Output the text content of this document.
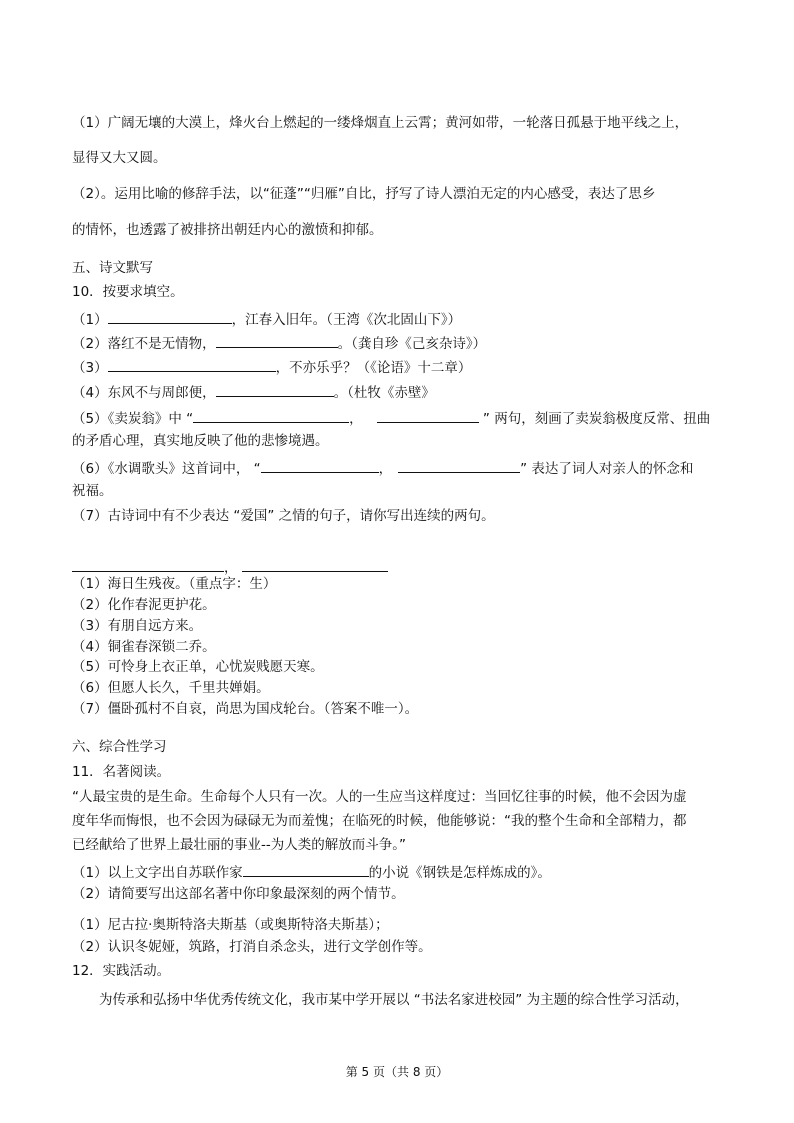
（1）广阔无壤的大漠上，烽火台上燃起的一缕烽烟直上云霄；黄河如带，一轮落日孤悬于地平线之上，
显得又大又圆。
（2）。运用比喻的修辞手法，以“征蓬”“归雁”自比，抒写了诗人漂泊无定的内心感受，表达了思乡
的情怀，也透露了被排挤出朝廷内心的激愤和抑郁。
五、诗文默写
10．按要求填空。
（1）	，江春入旧年。（王湾《次北固山下》）
（2）落红不是无情物，	。（龚自珍《己亥杂诗》）
（3）	，不亦乐乎？（《论语》十二章）
（4）东风不与周郎便，	。（杜牧《赤壁》
（5）《卖炭翁》中 “	，	” 两句，刻画了卖炭翁极度反常、扭曲
的矛盾心理，真实地反映了他的悲惨境遇。
（6）《水调歌头》这首词中， “	，	” 表达了词人对亲人的怀念和
祝福。
（7）古诗词中有不少表达 “爱国” 之情的句子，请你写出连续的两句。
，
（1）海日生残夜。（重点字：生）
（2）化作春泥更护花。
（3）有朋自远方来。
（4）铜雀春深锁二乔。
（5）可怜身上衣正单，心忧炭贱愿天寒。
（6）但愿人长久，千里共婵娟。
（7）僵卧孤村不自哀，尚思为国戍轮台。（答案不唯一）。
六、综合性学习
11．名著阅读。
“人最宝贵的是生命。生命每个人只有一次。人的一生应当这样度过：当回忆往事的时候，他不会因为虚
度年华而悔恨，也不会因为碌碌无为而羞愧；在临死的时候，他能够说：“我的整个生命和全部精力，都
已经献给了世界上最壮丽的事业--为人类的解放而斗争。”
（1）以上文字出自苏联作家	的小说《钢铁是怎样炼成的》。
（2）请简要写出这部名著中你印象最深刻的两个情节。
（1）尼古拉·奥斯特洛夫斯基（或奥斯特洛夫斯基）；
（2）认识冬妮娅，筑路，打消自杀念头，进行文学创作等。
12．实践活动。
为传承和弘扬中华优秀传统文化，我市某中学开展以 “书法名家进校园” 为主题的综合性学习活动，
第 5 页（共 8 页）
